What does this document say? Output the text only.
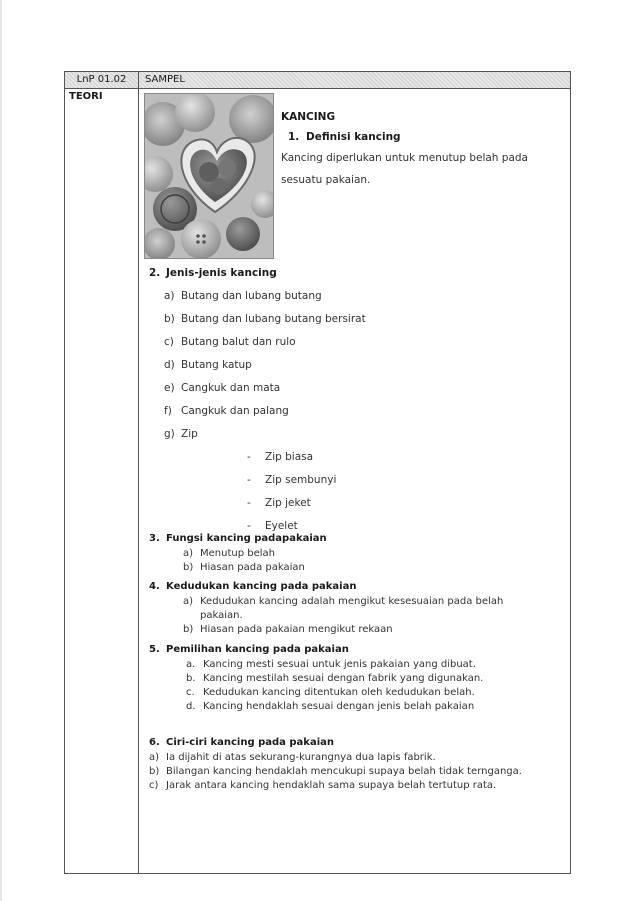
LnP 01.02	SAMPEL
TEORI
KANCING
1. Definisi kancing
Kancing diperlukan untuk menutup belah pada
sesuatu pakaian.
2. Jenis-jenis kancing
a) Butang dan lubang butang
b) Butang dan lubang butang bersirat
c) Butang balut dan rulo
d) Butang katup
e) Cangkuk dan mata
f) Cangkuk dan palang
g) Zip
- Zip biasa
- Zip sembunyi
- Zip jeket
- Eyelet
3. Fungsi kancing padapakaian
a) Menutup belah
b) Hiasan pada pakaian
4. Kedudukan kancing pada pakaian
a) Kedudukan kancing adalah mengikut kesesuaian pada belah
pakaian.
b) Hiasan pada pakaian mengikut rekaan
5. Pemilihan kancing pada pakaian
a. Kancing mesti sesuai untuk jenis pakaian yang dibuat.
b. Kancing mestilah sesuai dengan fabrik yang digunakan.
c. Kedudukan kancing ditentukan oleh kedudukan belah.
d. Kancing hendaklah sesuai dengan jenis belah pakaian
6. Ciri-ciri kancing pada pakaian
a) Ia dijahit di atas sekurang-kurangnya dua lapis fabrik.
b) Bilangan kancing hendaklah mencukupi supaya belah tidak ternganga.
c) Jarak antara kancing hendaklah sama supaya belah tertutup rata.
